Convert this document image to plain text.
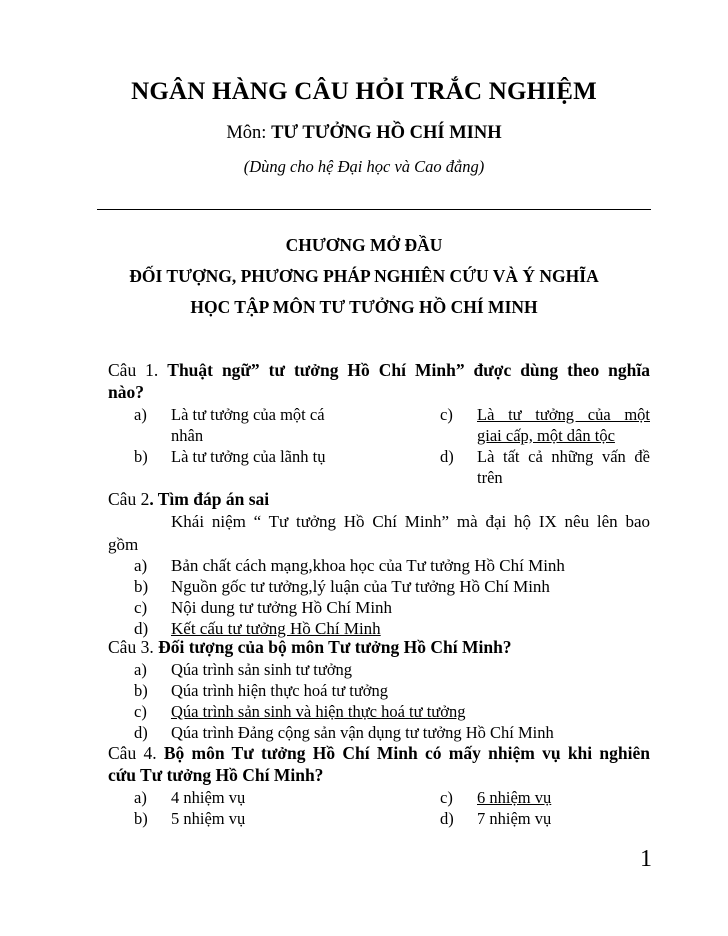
NGÂN HÀNG CÂU HỎI TRẮC NGHIỆM
Môn: TƯ TƯỞNG HỒ CHÍ MINH
(Dùng cho hệ Đại học và Cao đẳng)
CHƯƠNG MỞ ĐẦU
ĐỐI TƯỢNG, PHƯƠNG PHÁP NGHIÊN CỨU VÀ Ý NGHĨA
HỌC TẬP MÔN TƯ TƯỞNG HỒ CHÍ MINH
Câu 1. Thuật ngữ” tư tưởng Hồ Chí Minh” được dùng theo nghĩa
nào?
a)	Là tư tưởng của một cá	c)	Là tư tưởng của một
nhân	giai cấp, một dân tộc
b)	Là tư tưởng của lãnh tụ	d)	Là tất cả những vấn đề
trên
Câu 2. Tìm đáp án sai
Khái niệm “ Tư tưởng Hồ Chí Minh” mà đại hộ IX nêu lên bao
gồm
a)	Bản chất cách mạng,khoa học của Tư tưởng Hồ Chí Minh
b)	Nguồn gốc tư tưởng,lý luận của Tư tưởng Hồ Chí Minh
c)	Nội dung tư tưởng Hồ Chí Minh
d)	Kết cấu tư tưởng Hồ Chí Minh
Câu 3. Đối tượng của bộ môn Tư tưởng Hồ Chí Minh?
a)	Qúa trình sản sinh tư tưởng
b)	Qúa trình hiện thực hoá tư tưởng
c)	Qúa trình sản sinh và hiện thực hoá tư tưởng
d)	Qúa trình Đảng cộng sản vận dụng tư tưởng Hồ Chí Minh
Câu 4. Bộ môn Tư tưởng Hồ Chí Minh có mấy nhiệm vụ khi nghiên
cứu Tư tưởng Hồ Chí Minh?
a)	4 nhiệm vụ	c)	6 nhiệm vụ
b)	5 nhiệm vụ	d)	7 nhiệm vụ
1
